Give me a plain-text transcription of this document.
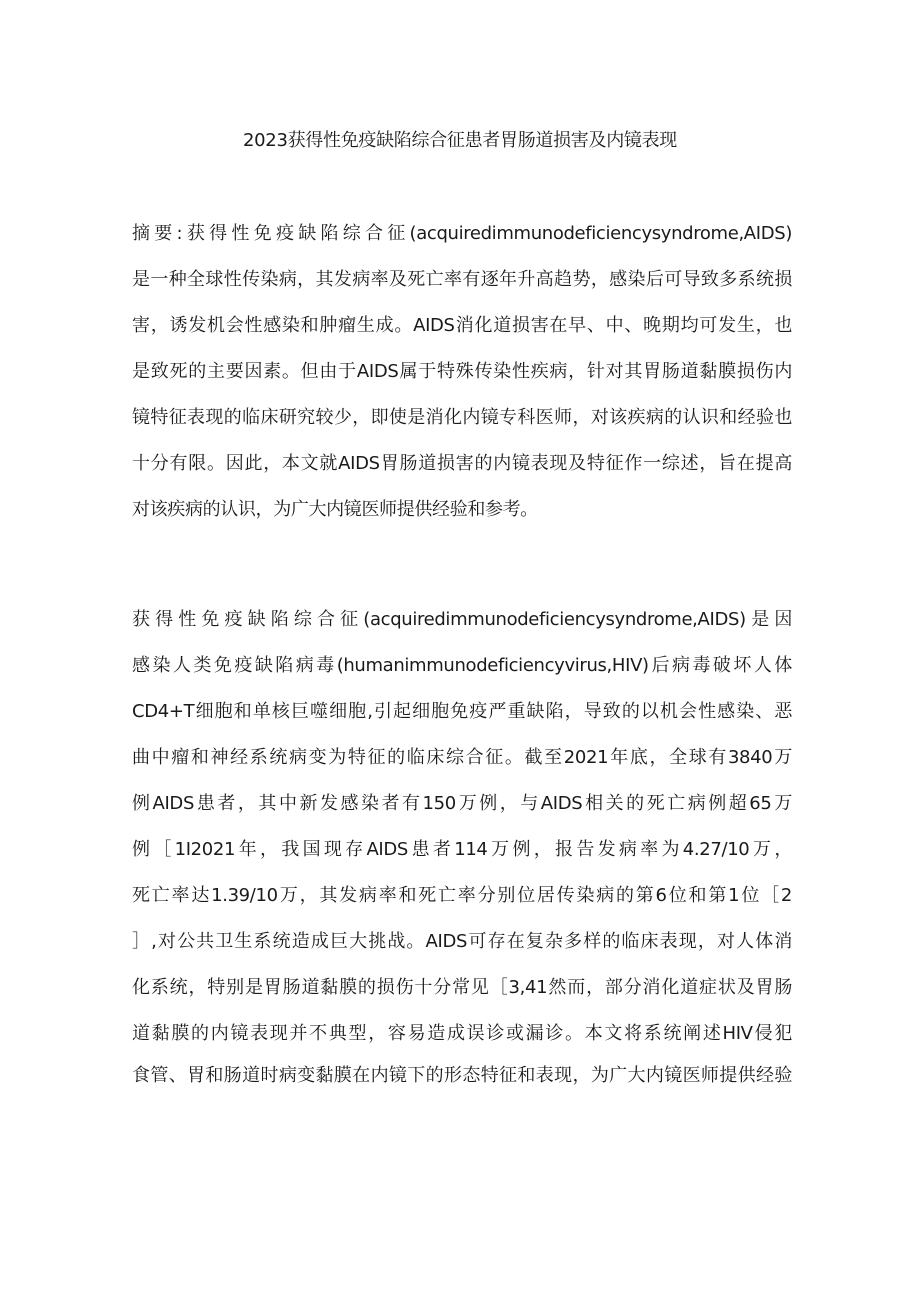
2023获得性免疫缺陷综合征患者胃肠道损害及内镜表现
摘要:获得性免疫缺陷综合征(acquiredimmunodeficiencysyndrome,AIDS)
是一种全球性传染病，其发病率及死亡率有逐年升高趋势，感染后可导致多系统损
害，诱发机会性感染和肿瘤生成。AIDS消化道损害在早、中、晚期均可发生，也
是致死的主要因素。但由于AIDS属于特殊传染性疾病，针对其胃肠道黏膜损伤内
镜特征表现的临床研究较少，即使是消化内镜专科医师，对该疾病的认识和经验也
十分有限。因此，本文就AIDS胃肠道损害的内镜表现及特征作一综述，旨在提高
对该疾病的认识，为广大内镜医师提供经验和参考。
获得性免疫缺陷综合征(acquiredimmunodeficiencysyndrome,AIDS)是因
感染人类免疫缺陷病毒(humanimmunodeficiencyvirus,HIV)后病毒破坏人体
CD4+T细胞和单核巨噬细胞,引起细胞免疫严重缺陷，导致的以机会性感染、恶
曲中瘤和神经系统病变为特征的临床综合征。截至2021年底，全球有3840万
例AIDS患者，其中新发感染者有150万例，与AIDS相关的死亡病例超65万
例［1I2021年，我国现存AIDS患者114万例，报告发病率为4.27/10万，
死亡率达1.39/10万，其发病率和死亡率分别位居传染病的第6位和第1位［2
］,对公共卫生系统造成巨大挑战。AIDS可存在复杂多样的临床表现，对人体消
化系统，特别是胃肠道黏膜的损伤十分常见［3,41然而，部分消化道症状及胃肠
道黏膜的内镜表现并不典型，容易造成误诊或漏诊。本文将系统阐述HIV侵犯
食管、胃和肠道时病变黏膜在内镜下的形态特征和表现，为广大内镜医师提供经验
